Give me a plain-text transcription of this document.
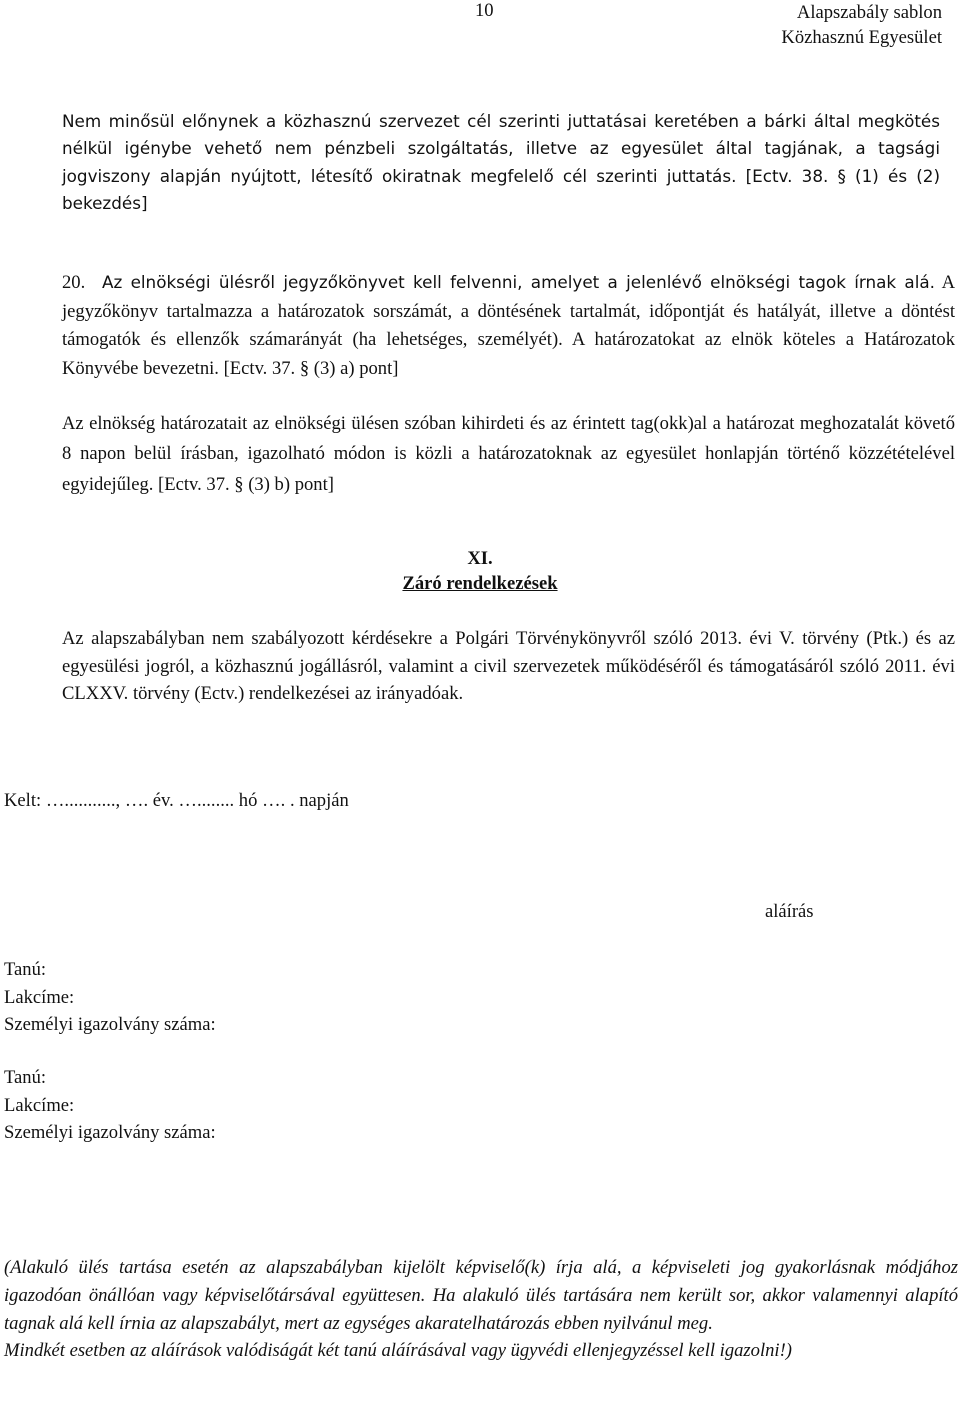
10	Alapszabály sablon
Közhasznú Egyesület
Nem minősül előnynek a közhasznú szervezet cél szerinti juttatásai keretében a bárki által megkötés nélkül igénybe vehető nem pénzbeli szolgáltatás, illetve az egyesület által tagjának, a tagsági jogviszony alapján nyújtott, létesítő okiratnak megfelelő cél szerinti juttatás. [Ectv. 38. § (1) és (2) bekezdés]
20. Az elnökségi ülésről jegyzőkönyvet kell felvenni, amelyet a jelenlévő elnökségi tagok írnak alá. A jegyzőkönyv tartalmazza a határozatok sorszámát, a döntésének tartalmát, időpontját és hatályát, illetve a döntést támogatók és ellenzők számarányát (ha lehetséges, személyét). A határozatokat az elnök köteles a Határozatok Könyvébe bevezetni. [Ectv. 37. § (3) a) pont]
Az elnökség határozatait az elnökségi ülésen szóban kihirdeti és az érintett tag(okk)al a határozat meghozatalát követő 8 napon belül írásban, igazolható módon is közli a határozatoknak az egyesület honlapján történő közzétételével egyidejűleg. [Ectv. 37. § (3) b) pont]
XI.
Záró rendelkezések
Az alapszabályban nem szabályozott kérdésekre a Polgári Törvénykönyvről szóló 2013. évi V. törvény (Ptk.) és az egyesülési jogról, a közhasznú jogállásról, valamint a civil szervezetek működéséről és támogatásáról szóló 2011. évi CLXXV. törvény (Ectv.) rendelkezései az irányadóak.
Kelt: …..........., …. év. …........ hó …. . napján
aláírás
Tanú:
Lakcíme:
Személyi igazolvány száma:
Tanú:
Lakcíme:
Személyi igazolvány száma:

(Alakuló ülés tartása esetén az alapszabályban kijelölt képviselő(k) írja alá, a képviseleti jog gyakorlásnak módjához igazodóan önállóan vagy képviselőtársával együttesen. Ha alakuló ülés tartására nem került sor, akkor valamennyi alapító tagnak alá kell írnia az alapszabályt, mert az egységes akaratelhatározás ebben nyilvánul meg.

Mindkét esetben az aláírások valódiságát két tanú aláírásával vagy ügyvédi ellenjegyzéssel kell igazolni!)
